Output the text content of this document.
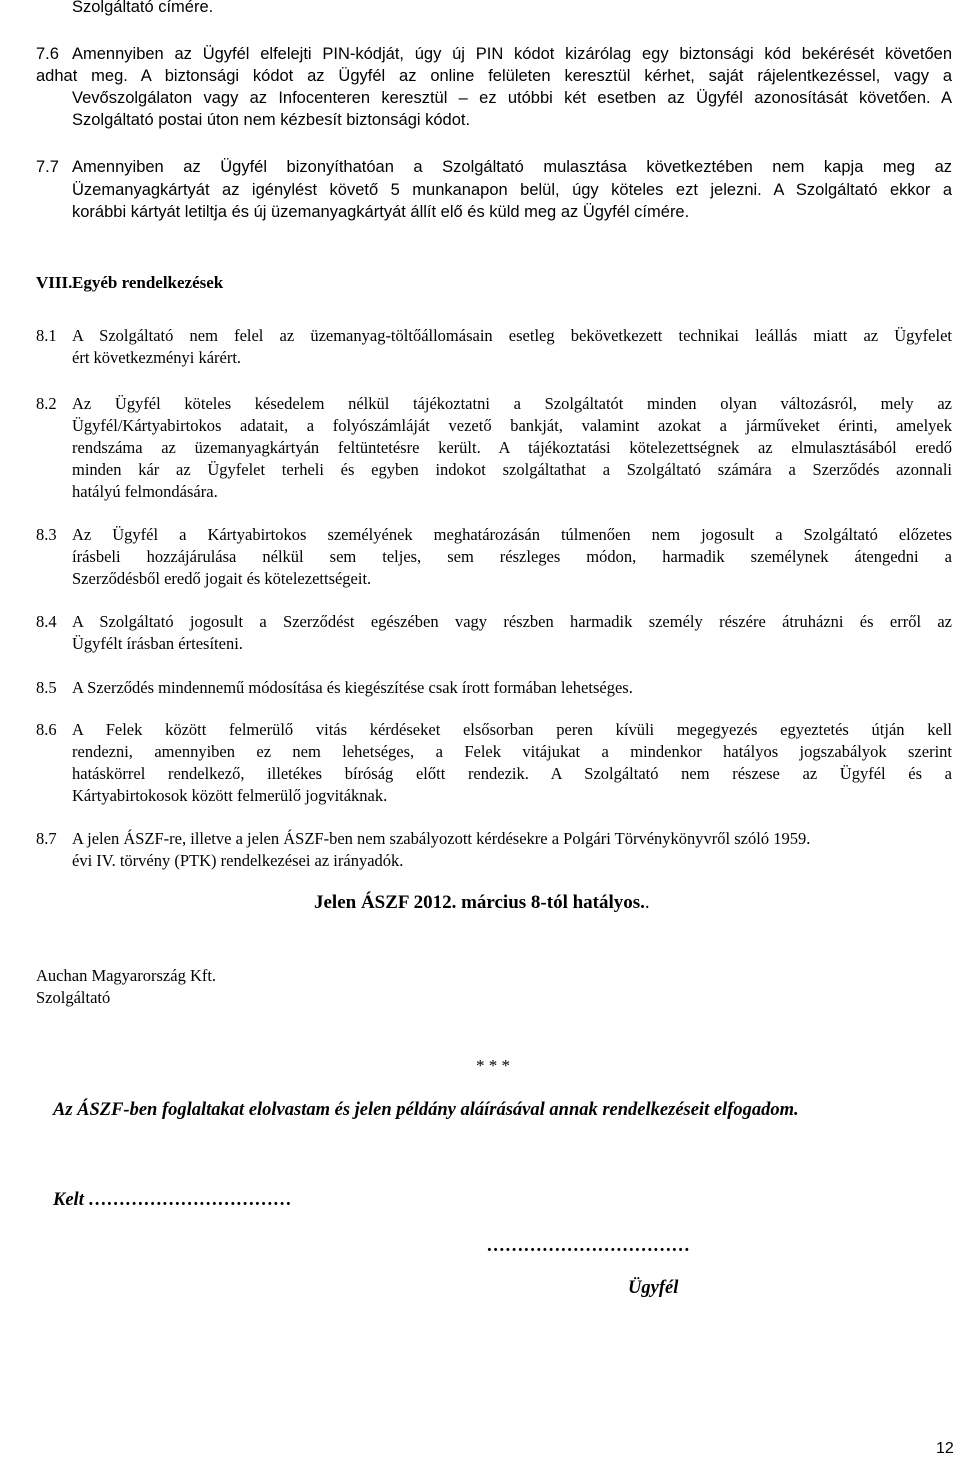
Szolgáltató címére.
7.6 Amennyiben az Ügyfél elfelejti PIN-kódját, úgy új PIN kódot kizárólag egy biztonsági kód bekérését követően
adhat meg. A biztonsági kódot az Ügyfél az online felületen keresztül kérhet, saját rájelentkezéssel, vagy a
Vevőszolgálaton vagy az Infocenteren keresztül – ez utóbbi két esetben az Ügyfél azonosítását követően. A
Szolgáltató postai úton nem kézbesít biztonsági kódot.
7.7 Amennyiben az Ügyfél bizonyíthatóan a Szolgáltató mulasztása következtében nem kapja meg az
Üzemanyagkártyát az igénylést követő 5 munkanapon belül, úgy köteles ezt jelezni. A Szolgáltató ekkor a
korábbi kártyát letiltja és új üzemanyagkártyát állít elő és küld meg az Ügyfél címére.
VIII. Egyéb rendelkezések
8.1 A Szolgáltató nem felel az üzemanyag-töltőállomásain esetleg bekövetkezett technikai leállás miatt az Ügyfelet
ért következményi kárért.
8.2 Az Ügyfél köteles késedelem nélkül tájékoztatni a Szolgáltatót minden olyan változásról, mely az
Ügyfél/Kártyabirtokos adatait, a folyószámláját vezető bankját, valamint azokat a járműveket érinti, amelyek
rendszáma az üzemanyagkártyán feltüntetésre került. A tájékoztatási kötelezettségnek az elmulasztásából eredő
minden kár az Ügyfelet terheli és egyben indokot szolgáltathat a Szolgáltató számára a Szerződés azonnali
hatályú felmondására.
8.3 Az Ügyfél a Kártyabirtokos személyének meghatározásán túlmenően nem jogosult a Szolgáltató előzetes
írásbeli hozzájárulása nélkül sem teljes, sem részleges módon, harmadik személynek átengedni a
Szerződésből eredő jogait és kötelezettségeit.
8.4 A Szolgáltató jogosult a Szerződést egészében vagy részben harmadik személy részére átruházni és erről az
Ügyfélt írásban értesíteni.
8.5 A Szerződés mindennemű módosítása és kiegészítése csak írott formában lehetséges.
8.6 A Felek között felmerülő vitás kérdéseket elsősorban peren kívüli megegyezés egyeztetés útján kell
rendezni, amennyiben ez nem lehetséges, a Felek vitájukat a mindenkor hatályos jogszabályok szerint
hatáskörrel rendelkező, illetékes bíróság előtt rendezik. A Szolgáltató nem részese az Ügyfél és a
Kártyabirtokosok között felmerülő jogvitáknak.
8.7 A jelen ÁSZF-re, illetve a jelen ÁSZF-ben nem szabályozott kérdésekre a Polgári Törvénykönyvről szóló 1959.
évi IV. törvény (PTK) rendelkezései az irányadók.
Jelen ÁSZF 2012. március 8-tól hatályos..
Auchan Magyarország Kft.
Szolgáltató
* * *
Az ÁSZF-ben foglaltakat elolvastam és jelen példány aláírásával annak rendelkezéseit elfogadom.
Kelt ……………………………
……………………………
Ügyfél
12
